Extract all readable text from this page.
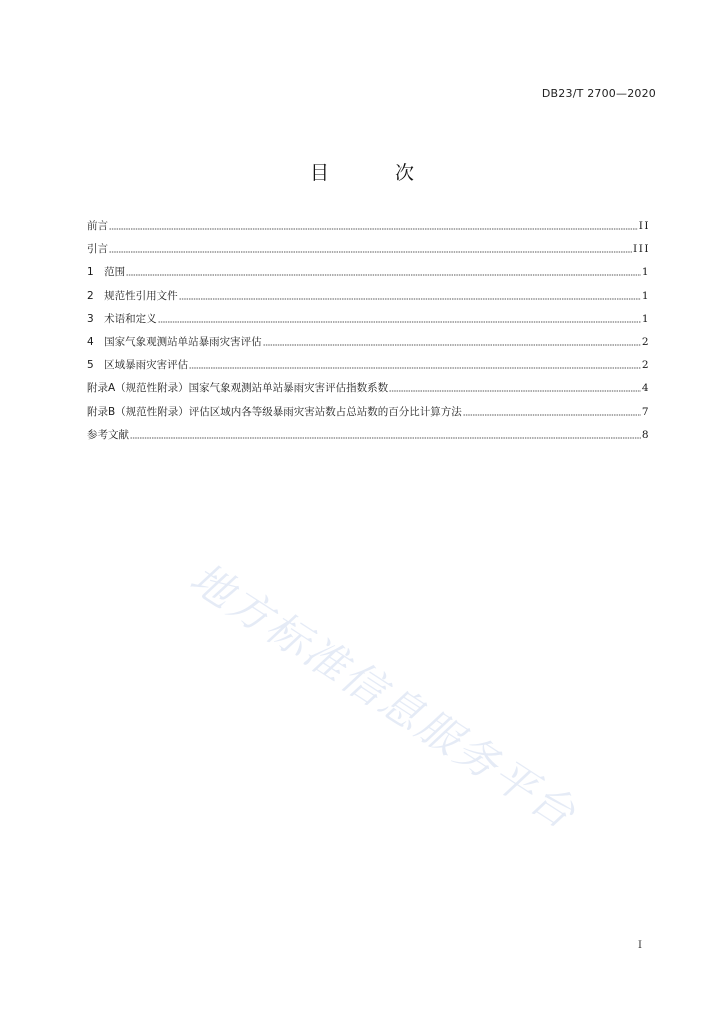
DB23/T 2700—2020
目 次
前言	II
引言	III
1　范围	1
2　规范性引用文件	1
3　术语和定义	1
4　国家气象观测站单站暴雨灾害评估	2
5　区域暴雨灾害评估	2
附录A（规范性附录）国家气象观测站单站暴雨灾害评估指数系数	4
附录B（规范性附录）评估区域内各等级暴雨灾害站数占总站数的百分比计算方法	7
参考文献	8
地方标准信息服务平台
I
